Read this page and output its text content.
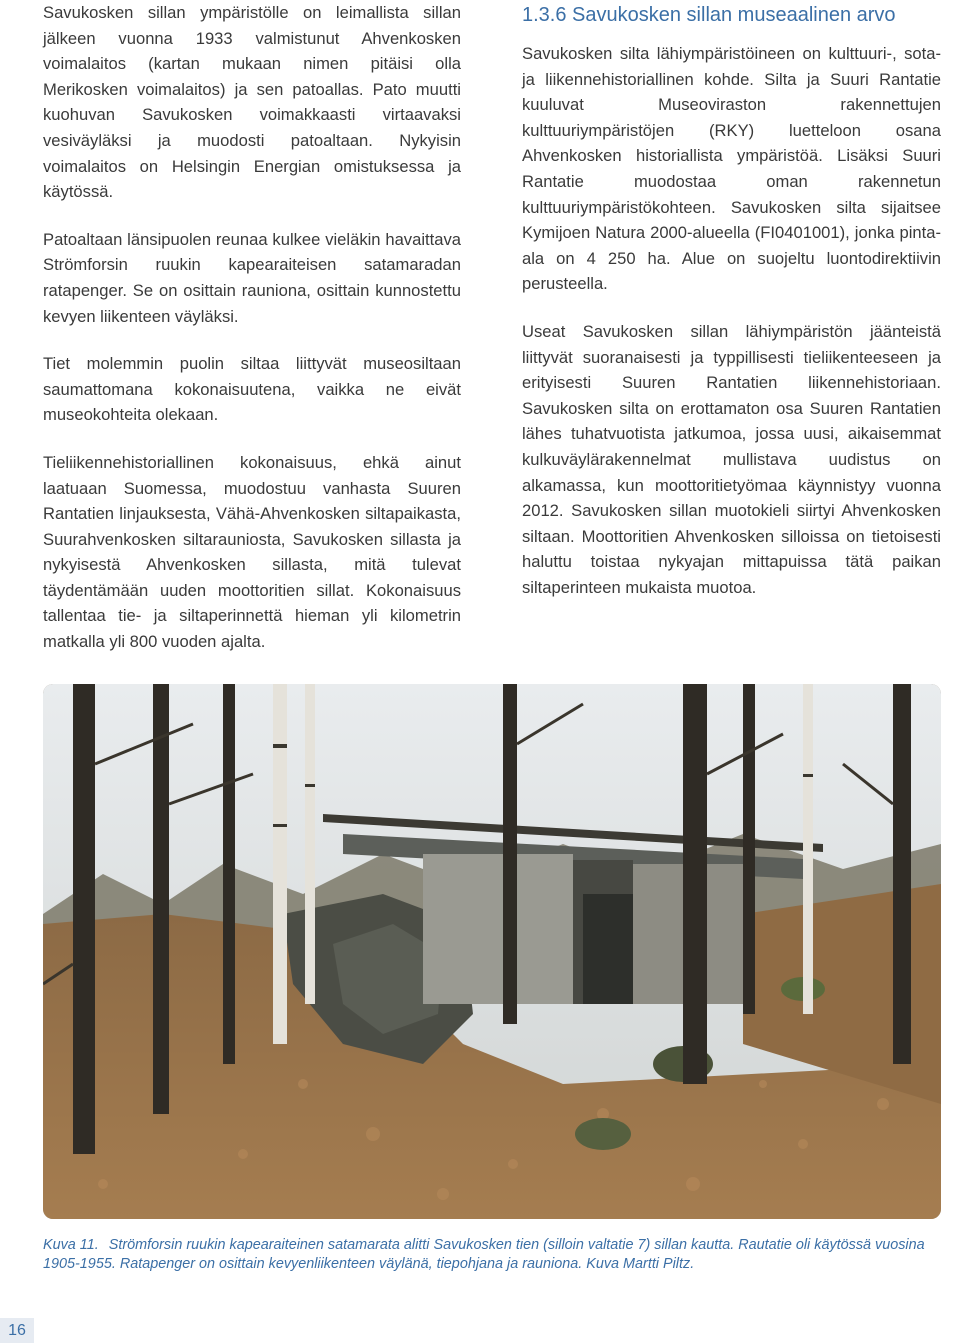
Savukosken sillan ympäristölle on leimallista sillan jälkeen vuonna 1933 valmistunut Ahvenkosken voimalaitos (kartan mukaan nimen pitäisi olla Merikosken voimalaitos) ja sen patoallas. Pato muutti kuohuvan Savukosken voimakkaasti virtaavaksi vesiväyläksi ja muodosti patoaltaan. Nykyisin voimalaitos on Helsingin Energian omistuksessa ja käytössä.

Patoaltaan länsipuolen reunaa kulkee vieläkin havaittava Strömforsin ruukin kapearaiteisen satamaradan ratapenger. Se on osittain rauniona, osittain kunnostettu kevyen liikenteen väyläksi.

Tiet molemmin puolin siltaa liittyvät museosiltaan saumattomana kokonaisuutena, vaikka ne eivät museokohteita olekaan.

Tieliikennehistoriallinen kokonaisuus, ehkä ainut laatuaan Suomessa, muodostuu vanhasta Suuren Rantatien linjauksesta, Vähä-Ahvenkosken siltapaikasta, Suurahvenkosken siltarauniosta, Savukosken sillasta ja nykyisestä Ahvenkosken sillasta, mitä tulevat täydentämään uuden moottoritien sillat. Kokonaisuus tallentaa tie- ja siltaperinnettä hieman yli kilometrin matkalla yli 800 vuoden ajalta.

1.3.6 Savukosken sillan museaalinen arvo

Savukosken silta lähiympäristöineen on kulttuuri-, sota- ja liikennehistoriallinen kohde. Silta ja Suuri Rantatie kuuluvat Museoviraston rakennettujen kulttuuriympäristöjen (RKY) luetteloon osana Ahvenkosken historiallista ympäristöä. Lisäksi Suuri Rantatie muodostaa oman rakennetun kulttuuriympäristökohteen. Savukosken silta sijaitsee Kymijoen Natura 2000-alueella (FI0401001), jonka pinta-ala on 4 250 ha. Alue on suojeltu luontodirektiivin perusteella.

Useat Savukosken sillan lähiympäristön jäänteistä liittyvät suoranaisesti ja typpillisesti tieliikenteeseen ja erityisesti Suuren Rantatien liikennehistoriaan. Savukosken silta on erottamaton osa Suuren Rantatien lähes tuhatvuotista jatkumoa, jossa uusi, aikaisemmat kulkuväylärakennelmat mullistava uudistus on alkamassa, kun moottoritietyömaa käynnistyy vuonna 2012. Savukosken sillan muotokieli siirtyi Ahvenkosken siltaan. Moottoritien Ahvenkosken silloissa on tietoisesti haluttu toistaa nykyajan mittapuissa tätä paikan siltaperinteen mukaista muotoa.

Kuva 11. Strömforsin ruukin kapearaiteinen satamarata alitti Savukosken tien (silloin valtatie 7) sillan kautta. Rautatie oli käytössä vuosina 1905-1955. Ratapenger on osittain kevyenliikenteen väylänä, tiepohjana ja rauniona. Kuva Martti Piltz.
16
